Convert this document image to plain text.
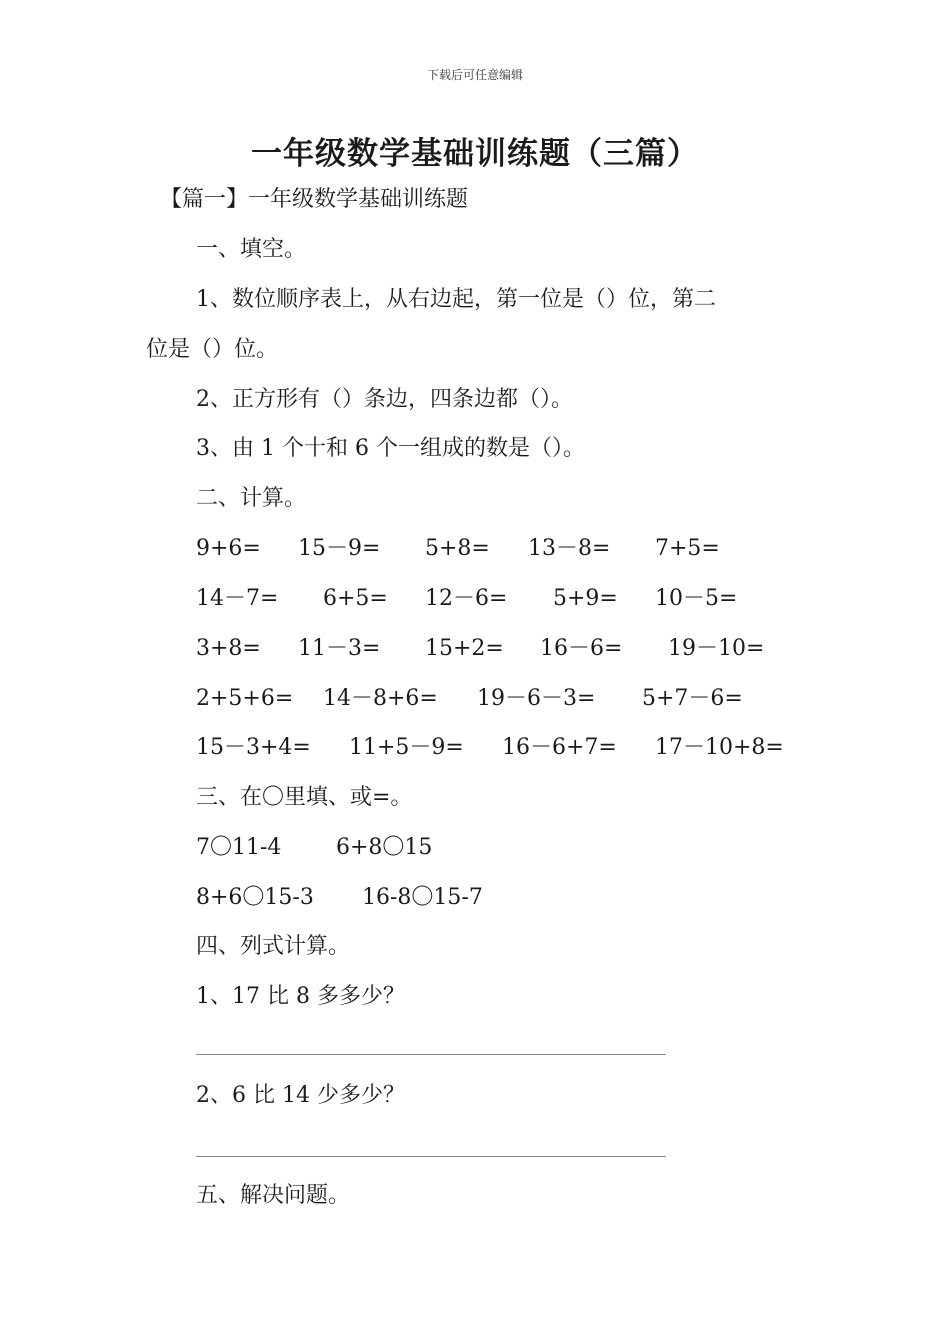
下载后可任意编辑
一年级数学基础训练题（三篇）
【篇一】一年级数学基础训练题
一、填空。
1、数位顺序表上，从右边起，第一位是（）位，第二
位是（）位。
2、正方形有（）条边，四条边都（）。
3、由 1 个十和 6 个一组成的数是（）。
二、计算。
9+6= 15－9= 5+8= 13－8= 7+5=
14－7= 6+5= 12－6= 5+9= 10－5=
3+8= 11－3= 15+2= 16－6= 19－10=
2+5+6= 14－8+6= 19－6－3= 5+7－6=
15－3+4= 11+5－9= 16－6+7= 17－10+8=
三、在〇里填、或=。
7〇11-4 6+8〇15
8+6〇15-3 16-8〇15-7
四、列式计算。
1、17 比 8 多多少？
2、6 比 14 少多少？
五、解决问题。
